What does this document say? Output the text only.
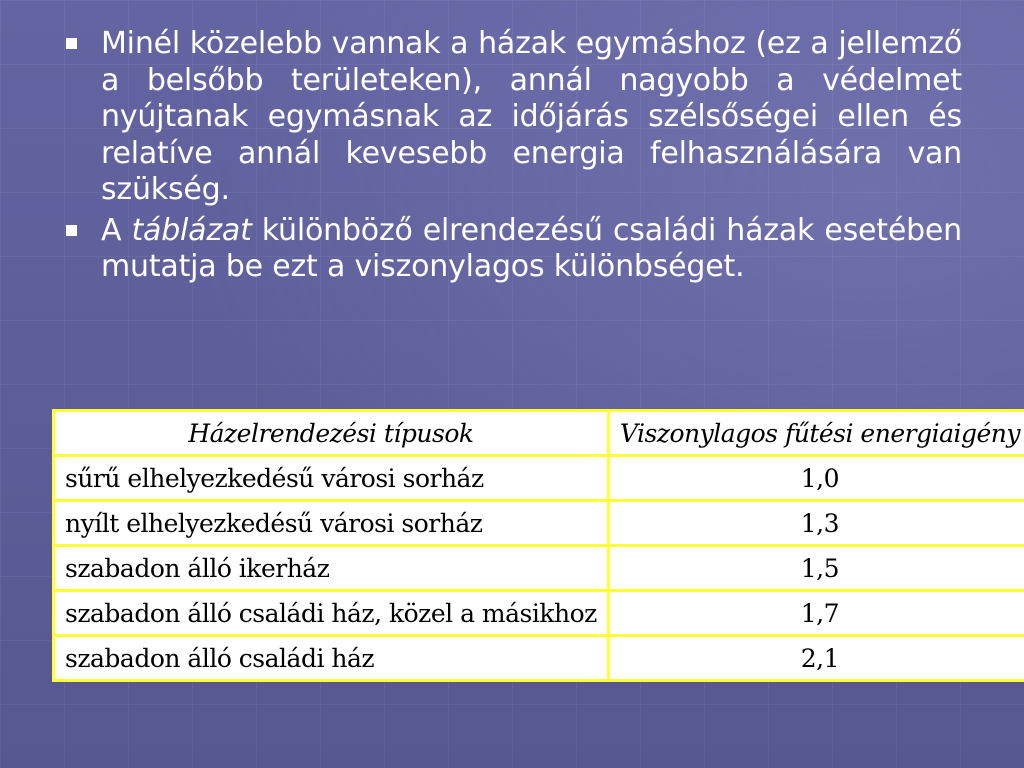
Minél közelebb vannak a házak egymáshoz (ez a jellemző a belsőbb területeken), annál nagyobb a védelmet nyújtanak egymásnak az időjárás szélsőségei ellen és relatíve annál kevesebb energia felhasználására van szükség.
A táblázat különböző elrendezésű családi házak esetében mutatja be ezt a viszonylagos különbséget.
Házelrendezési típusok	Viszonylagos fűtési energiaigény
sűrű elhelyezkedésű városi sorház	1,0
nyílt elhelyezkedésű városi sorház	1,3
szabadon álló ikerház	1,5
szabadon álló családi ház, közel a másikhoz	1,7
szabadon álló családi ház	2,1
